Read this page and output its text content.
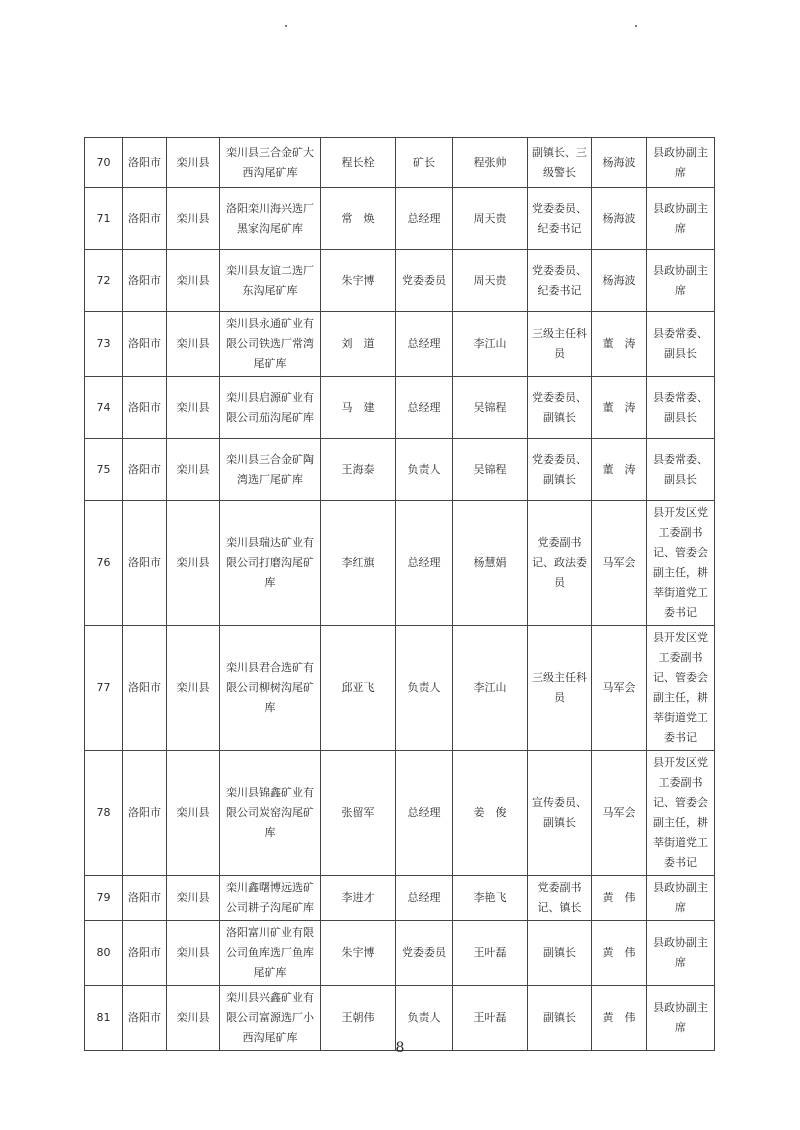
70	洛阳市	栾川县	栾川县三合金矿大西沟尾矿库	程长栓	矿长	程张帅	副镇长、三级警长	杨海波	县政协副主席
71	洛阳市	栾川县	洛阳栾川海兴选厂黑家沟尾矿库	常　焕	总经理	周天贵	党委委员、纪委书记	杨海波	县政协副主席
72	洛阳市	栾川县	栾川县友谊二选厂东沟尾矿库	朱宇博	党委委员	周天贵	党委委员、纪委书记	杨海波	县政协副主席
73	洛阳市	栾川县	栾川县永通矿业有限公司铁选厂常湾尾矿库	刘　道	总经理	李江山	三级主任科员	董　涛	县委常委、副县长
74	洛阳市	栾川县	栾川县启源矿业有限公司茄沟尾矿库	马　建	总经理	吴锦程	党委委员、副镇长	董　涛	县委常委、副县长
75	洛阳市	栾川县	栾川县三合金矿陶湾选厂尾矿库	王海泰	负责人	吴锦程	党委委员、副镇长	董　涛	县委常委、副县长
76	洛阳市	栾川县	栾川县瑞达矿业有限公司打磨沟尾矿库	李红旗	总经理	杨慧娟	党委副书记、政法委员	马军会	县开发区党工委副书记、管委会副主任，耕莘街道党工委书记
77	洛阳市	栾川县	栾川县君合选矿有限公司柳树沟尾矿库	邱亚飞	负责人	李江山	三级主任科员	马军会	县开发区党工委副书记、管委会副主任，耕莘街道党工委书记
78	洛阳市	栾川县	栾川县锦鑫矿业有限公司炭窑沟尾矿库	张留军	总经理	姜　俊	宣传委员、副镇长	马军会	县开发区党工委副书记、管委会副主任，耕莘街道党工委书记
79	洛阳市	栾川县	栾川鑫曙博远选矿公司耕子沟尾矿库	李进才	总经理	李艳飞	党委副书记、镇长	黄　伟	县政协副主席
80	洛阳市	栾川县	洛阳富川矿业有限公司鱼库选厂鱼库尾矿库	朱宇博	党委委员	王叶磊	副镇长	黄　伟	县政协副主席
81	洛阳市	栾川县	栾川县兴鑫矿业有限公司富源选厂小西沟尾矿库	王朝伟	负责人	王叶磊	副镇长	黄　伟	县政协副主席
8
